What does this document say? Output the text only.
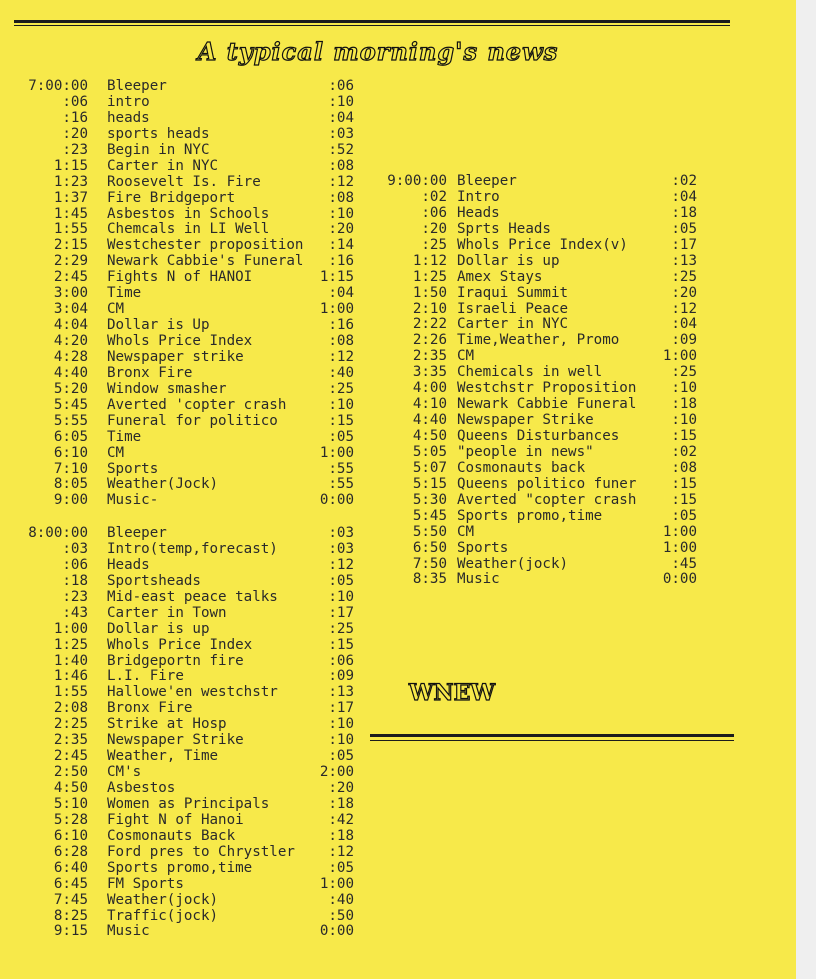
A typical morning's news
7:00:00 Bleeper	:06
:06 intro	:10
:16 heads	:04
:20 sports heads	:03
:23 Begin in NYC	:52
1:15 Carter in NYC	:08
1:23 Roosevelt Is. Fire	:12
1:37 Fire Bridgeport	:08
1:45 Asbestos in Schools	:10
1:55 Chemcals in LI Well	:20
2:15 Westchester proposition	:14
2:29 Newark Cabbie's Funeral	:16
2:45 Fights N of HANOI	1:15
3:00 Time	:04
3:04 CM	1:00
4:04 Dollar is Up	:16
4:20 Whols Price Index	:08
4:28 Newspaper strike	:12
4:40 Bronx Fire	:40
5:20 Window smasher	:25
5:45 Averted 'copter crash	:10
5:55 Funeral for politico	:15
6:05 Time	:05
6:10 CM	1:00
7:10 Sports	:55
8:05 Weather(Jock)	:55
9:00 Music-	0:00
8:00:00 Bleeper	:03
:03 Intro(temp,forecast)	:03
:06 Heads	:12
:18 Sportsheads	:05
:23 Mid-east peace talks	:10
:43 Carter in Town	:17
1:00 Dollar is up	:25
1:25 Whols Price Index	:15
1:40 Bridgeportn fire	:06
1:46 L.I. Fire	:09
1:55 Hallowe'en westchstr	:13
2:08 Bronx Fire	:17
2:25 Strike at Hosp	:10
2:35 Newspaper Strike	:10
2:45 Weather, Time	:05
2:50 CM's	2:00
4:50 Asbestos	:20
5:10 Women as Principals	:18
5:28 Fight N of Hanoi	:42
6:10 Cosmonauts Back	:18
6:28 Ford pres to Chrystler	:12
6:40 Sports promo,time	:05
6:45 FM Sports	1:00
7:45 Weather(jock)	:40
8:25 Traffic(jock)	:50
9:15 Music	0:00
9:00:00 Bleeper	:02
:02 Intro	:04
:06 Heads	:18
:20 Sprts Heads	:05
:25 Whols Price Index(v)	:17
1:12 Dollar is up	:13
1:25 Amex Stays	:25
1:50 Iraqui Summit	:20
2:10 Israeli Peace	:12
2:22 Carter in NYC	:04
2:26 Time,Weather, Promo	:09
2:35 CM	1:00
3:35 Chemicals in well	:25
4:00 Westchstr Proposition	:10
4:10 Newark Cabbie Funeral	:18
4:40 Newspaper Strike	:10
4:50 Queens Disturbances	:15
5:05 "people in news"	:02
5:07 Cosmonauts back	:08
5:15 Queens politico funer	:15
5:30 Averted "copter crash	:15
5:45 Sports promo,time	:05
5:50 CM	1:00
6:50 Sports	1:00
7:50 Weather(jock)	:45
8:35 Music	0:00
WNEW
